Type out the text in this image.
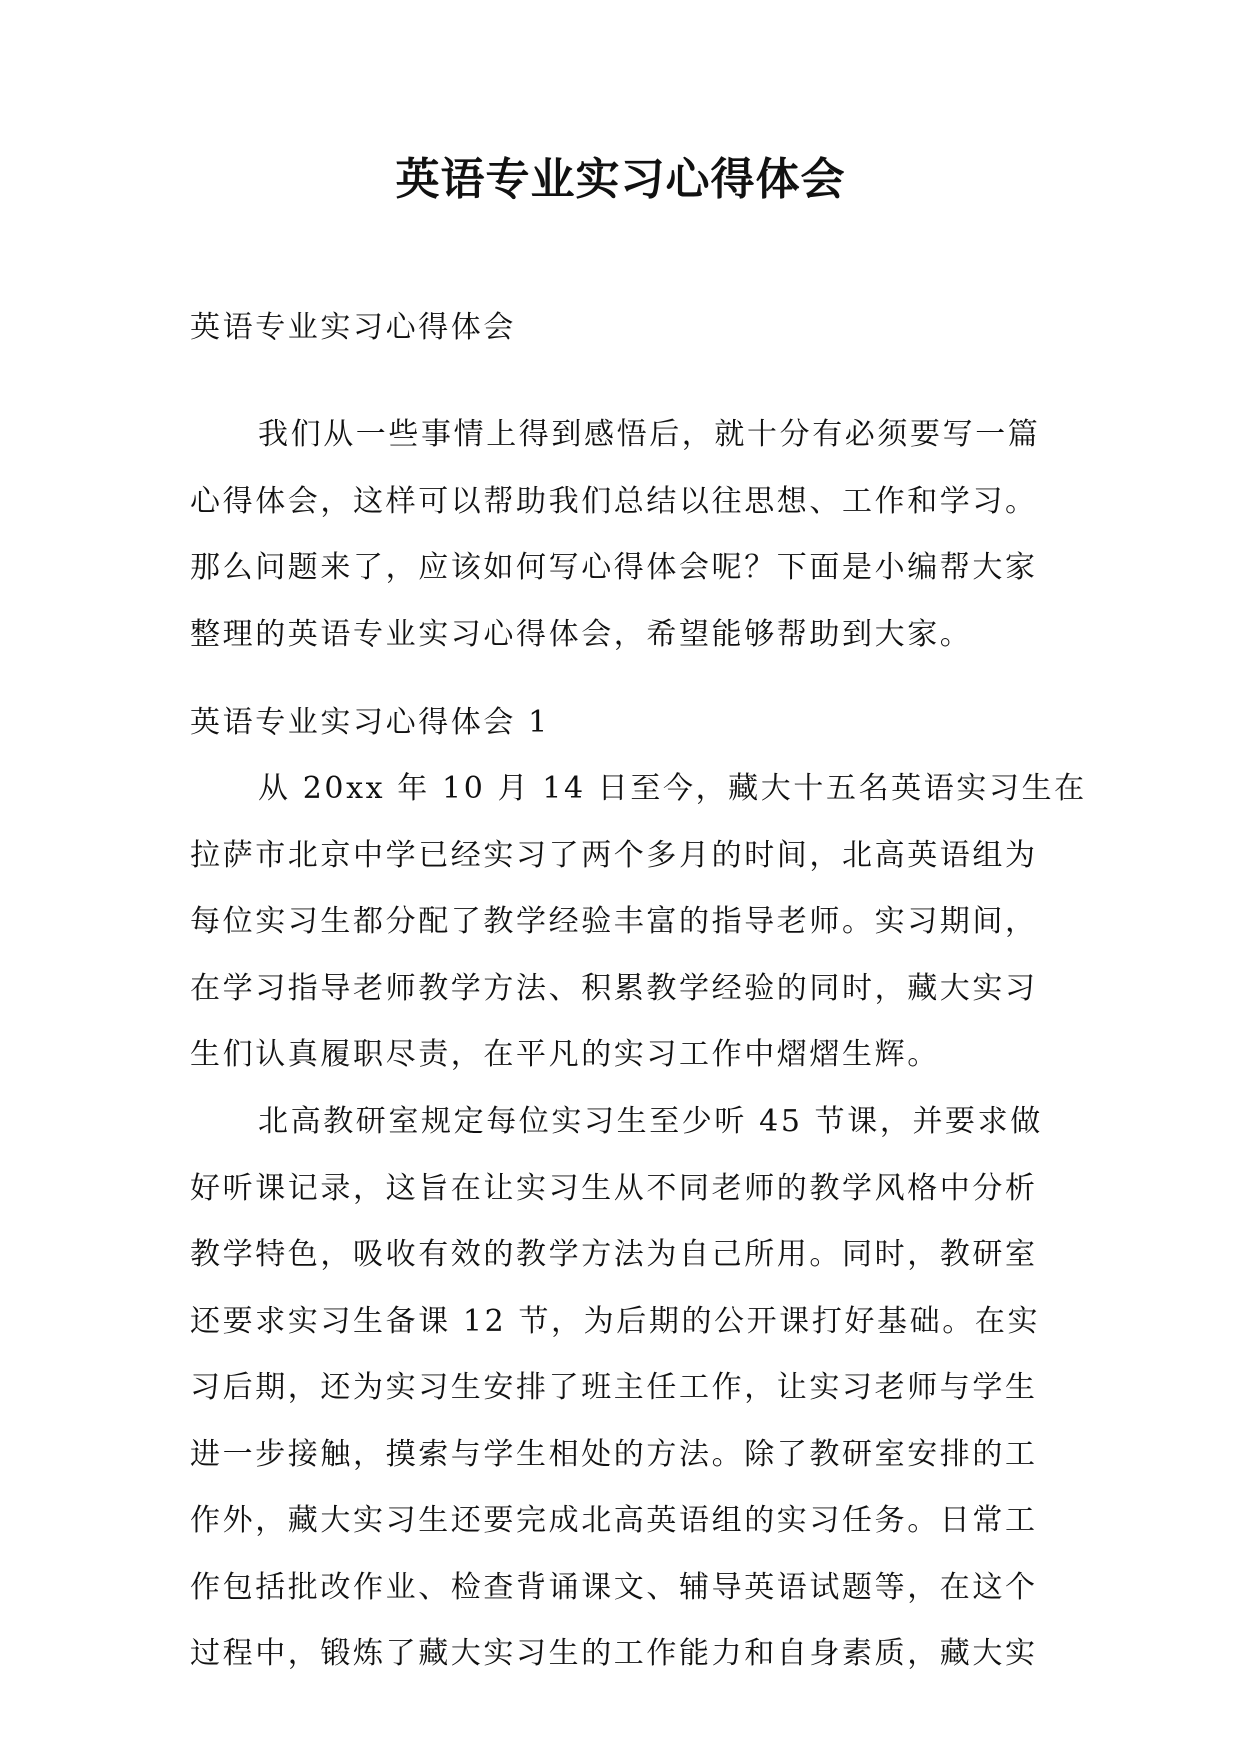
英语专业实习心得体会

英语专业实习心得体会

我们从一些事情上得到感悟后，就十分有必须要写一篇
心得体会，这样可以帮助我们总结以往思想、工作和学习。
那么问题来了，应该如何写心得体会呢？下面是小编帮大家
整理的英语专业实习心得体会，希望能够帮助到大家。

英语专业实习心得体会 1

从 20xx 年 10 月 14 日至今，藏大十五名英语实习生在
拉萨市北京中学已经实习了两个多月的时间，北高英语组为
每位实习生都分配了教学经验丰富的指导老师。实习期间，
在学习指导老师教学方法、积累教学经验的同时，藏大实习
生们认真履职尽责，在平凡的实习工作中熠熠生辉。

北高教研室规定每位实习生至少听 45 节课，并要求做
好听课记录，这旨在让实习生从不同老师的教学风格中分析
教学特色，吸收有效的教学方法为自己所用。同时，教研室
还要求实习生备课 12 节，为后期的公开课打好基础。在实
习后期，还为实习生安排了班主任工作，让实习老师与学生
进一步接触，摸索与学生相处的方法。除了教研室安排的工
作外，藏大实习生还要完成北高英语组的实习任务。日常工
作包括批改作业、检查背诵课文、辅导英语试题等，在这个
过程中，锻炼了藏大实习生的工作能力和自身素质，藏大实
